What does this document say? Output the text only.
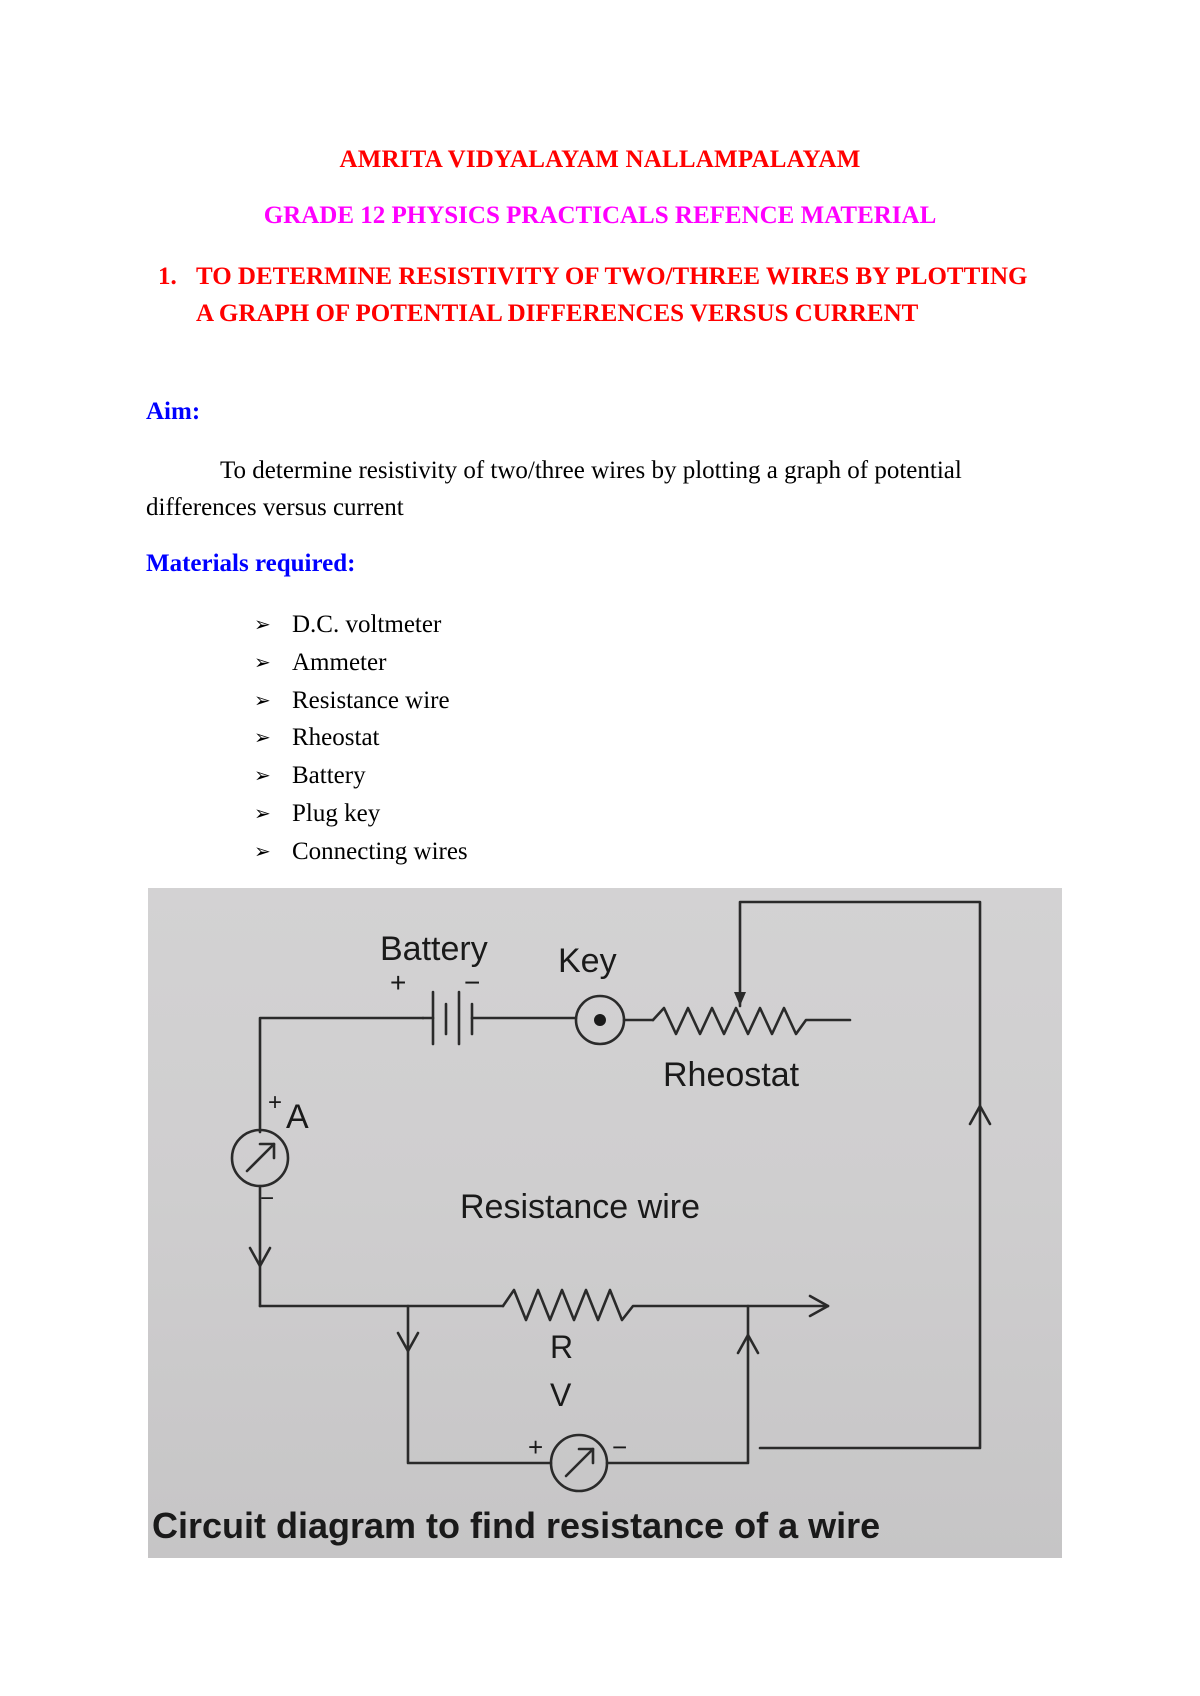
AMRITA VIDYALAYAM NALLAMPALAYAM
GRADE 12 PHYSICS PRACTICALS REFENCE MATERIAL
1. TO DETERMINE RESISTIVITY OF TWO/THREE WIRES BY PLOTTING A GRAPH OF POTENTIAL DIFFERENCES VERSUS CURRENT
Aim:
To determine resistivity of two/three wires by plotting a graph of potential differences versus current
Materials required:
➢ D.C. voltmeter
➢ Ammeter
➢ Resistance wire
➢ Rheostat
➢ Battery
➢ Plug key
➢ Connecting wires
Battery
+ −
Key
Rheostat
+ A
−	Resistance wire
R
V
+	−
Circuit diagram to find resistance of a wire
